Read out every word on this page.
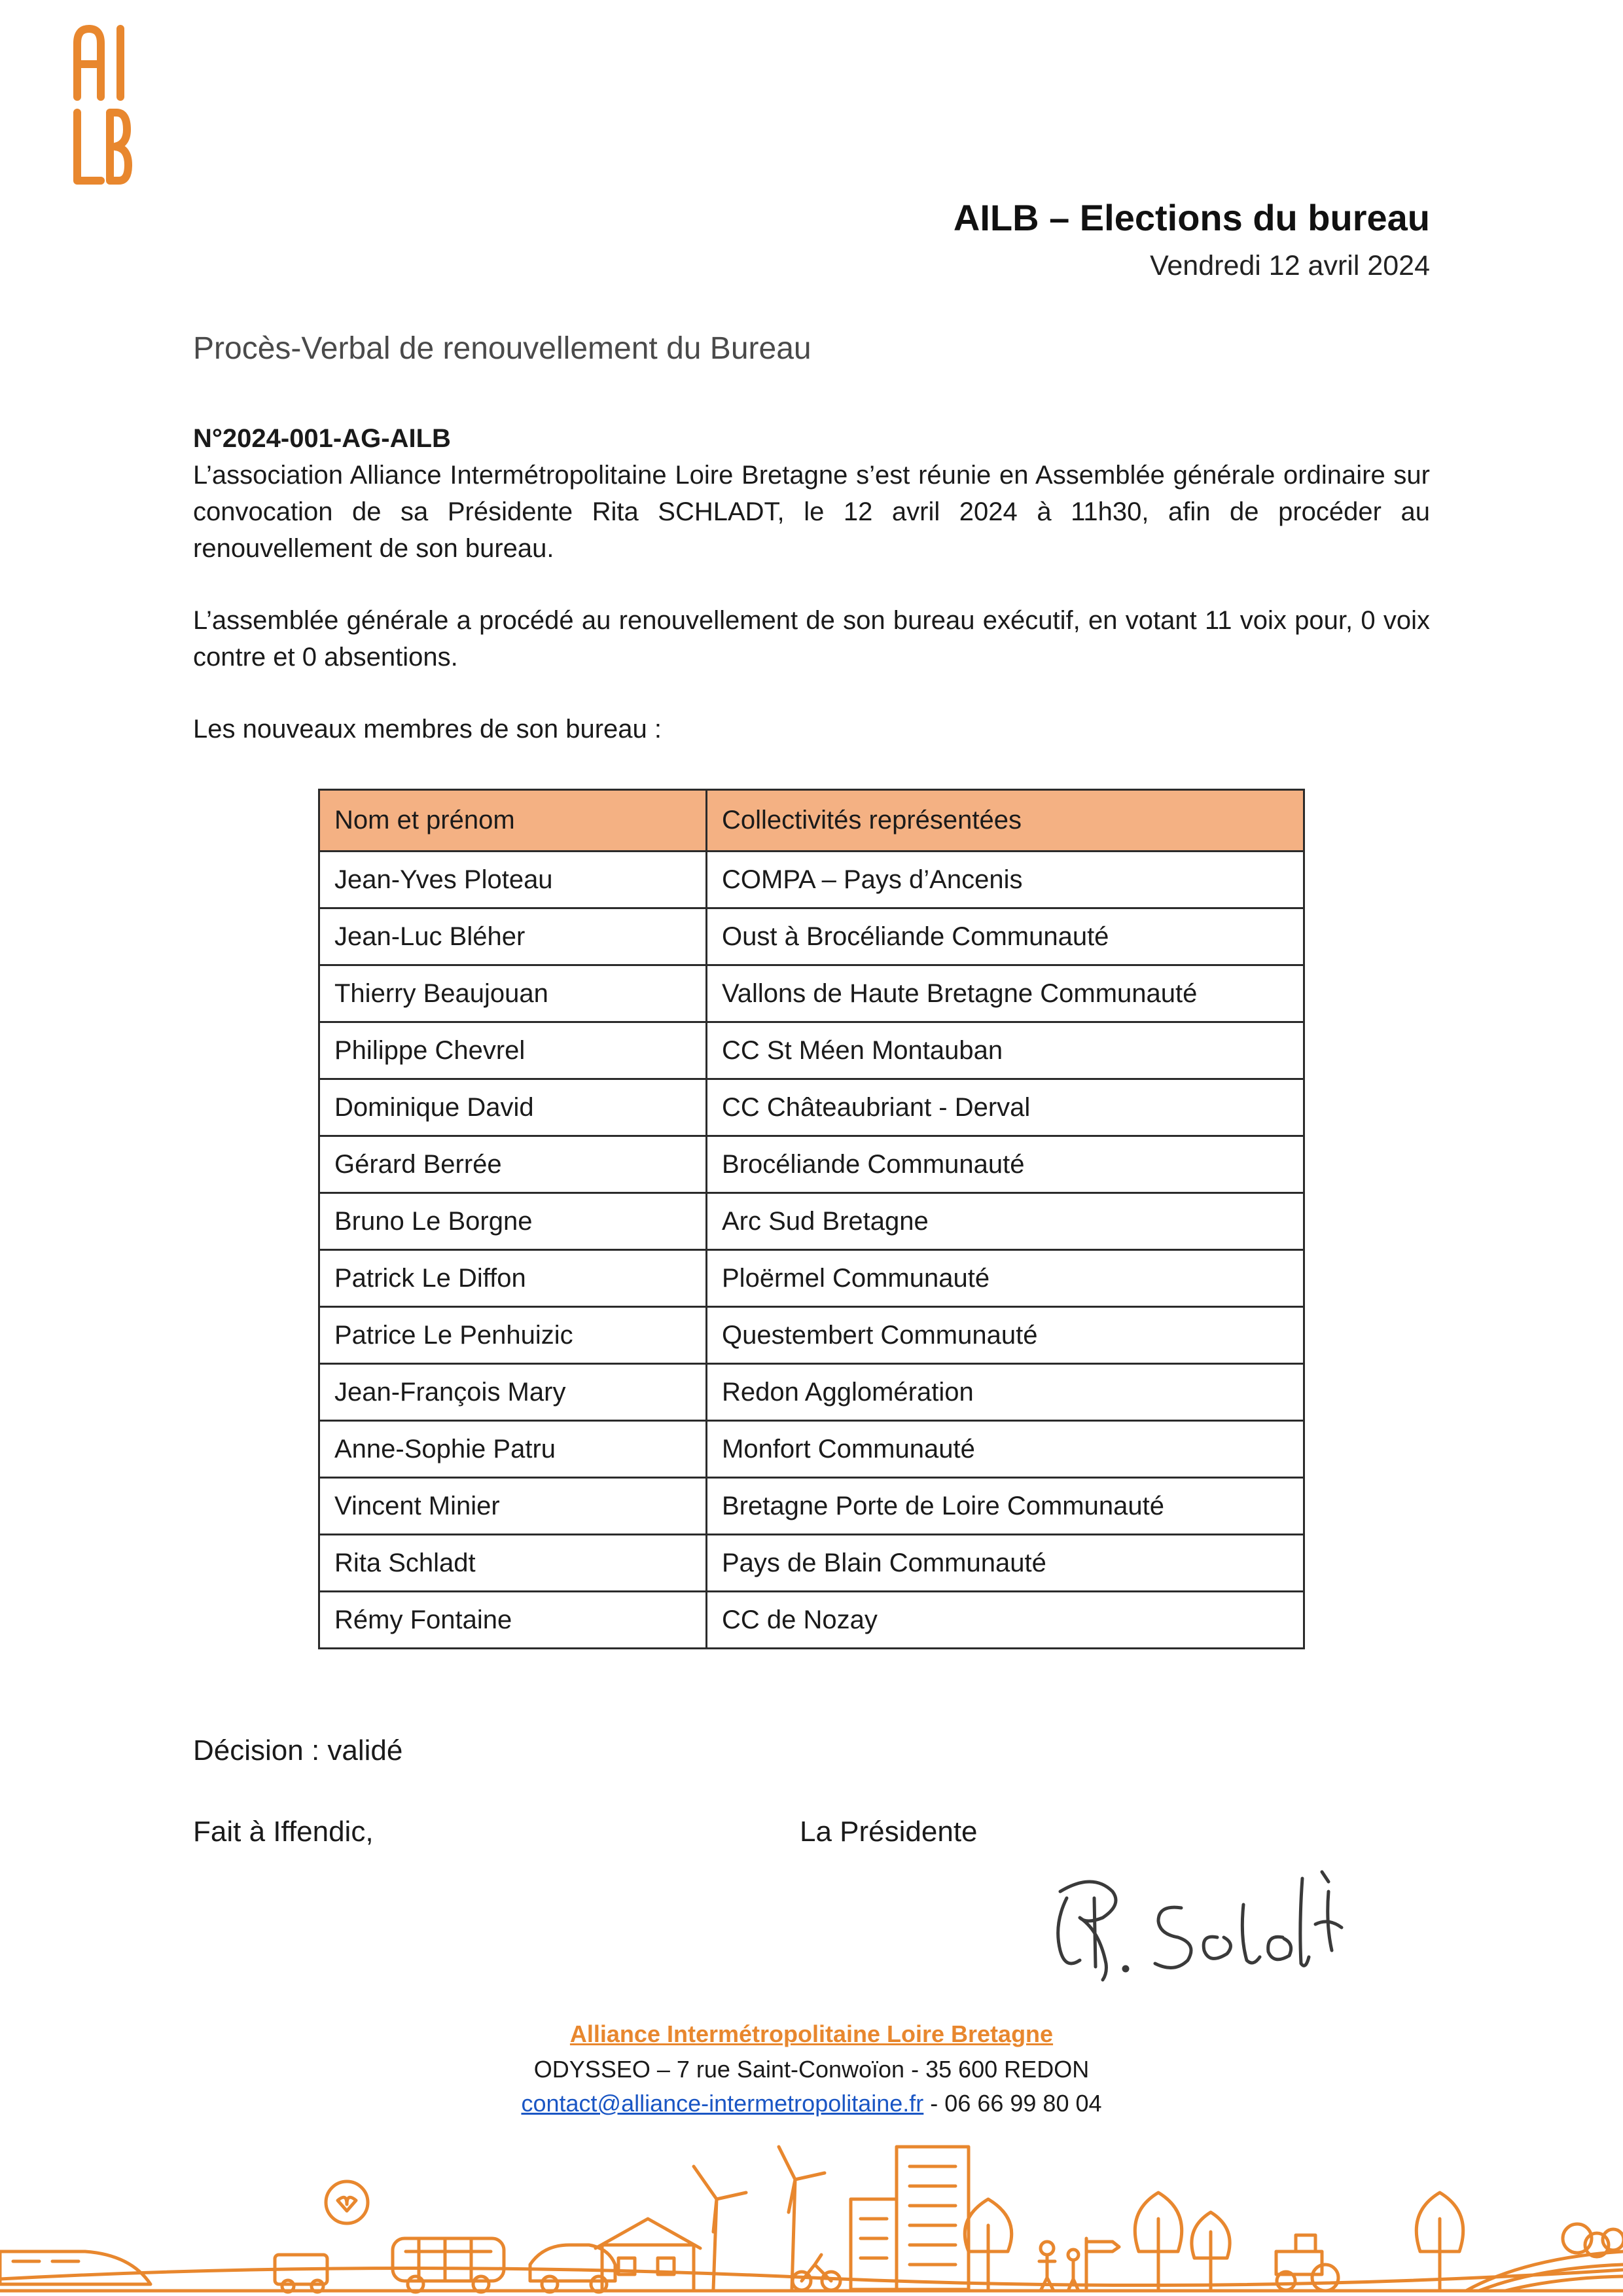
AILB – Elections du bureau
Vendredi 12 avril 2024
Procès-Verbal de renouvellement du Bureau
N°2024-001-AG-AILB
L’association Alliance Intermétropolitaine Loire Bretagne s’est réunie en Assemblée générale ordinaire sur convocation de sa Présidente Rita SCHLADT, le 12 avril 2024 à 11h30, afin de procéder au renouvellement de son bureau.
L’assemblée générale a procédé au renouvellement de son bureau exécutif, en votant 11 voix pour, 0 voix contre et 0 absentions.
Les nouveaux membres de son bureau :
Nom et prénom	Collectivités représentées
Jean-Yves Ploteau	COMPA – Pays d’Ancenis
Jean-Luc Bléher	Oust à Brocéliande Communauté
Thierry Beaujouan	Vallons de Haute Bretagne Communauté
Philippe Chevrel	CC St Méen Montauban
Dominique David	CC Châteaubriant - Derval
Gérard Berrée	Brocéliande Communauté
Bruno Le Borgne	Arc Sud Bretagne
Patrick Le Diffon	Ploërmel Communauté
Patrice Le Penhuizic	Questembert Communauté
Jean-François Mary	Redon Agglomération
Anne-Sophie Patru	Monfort Communauté
Vincent Minier	Bretagne Porte de Loire Communauté
Rita Schladt	Pays de Blain Communauté
Rémy Fontaine	CC de Nozay
Décision : validé
Fait à Iffendic,	La Présidente
Alliance Intermétropolitaine Loire Bretagne
ODYSSEO – 7 rue Saint-Conwoïon - 35 600 REDON
contact@alliance-intermetropolitaine.fr - 06 66 99 80 04
